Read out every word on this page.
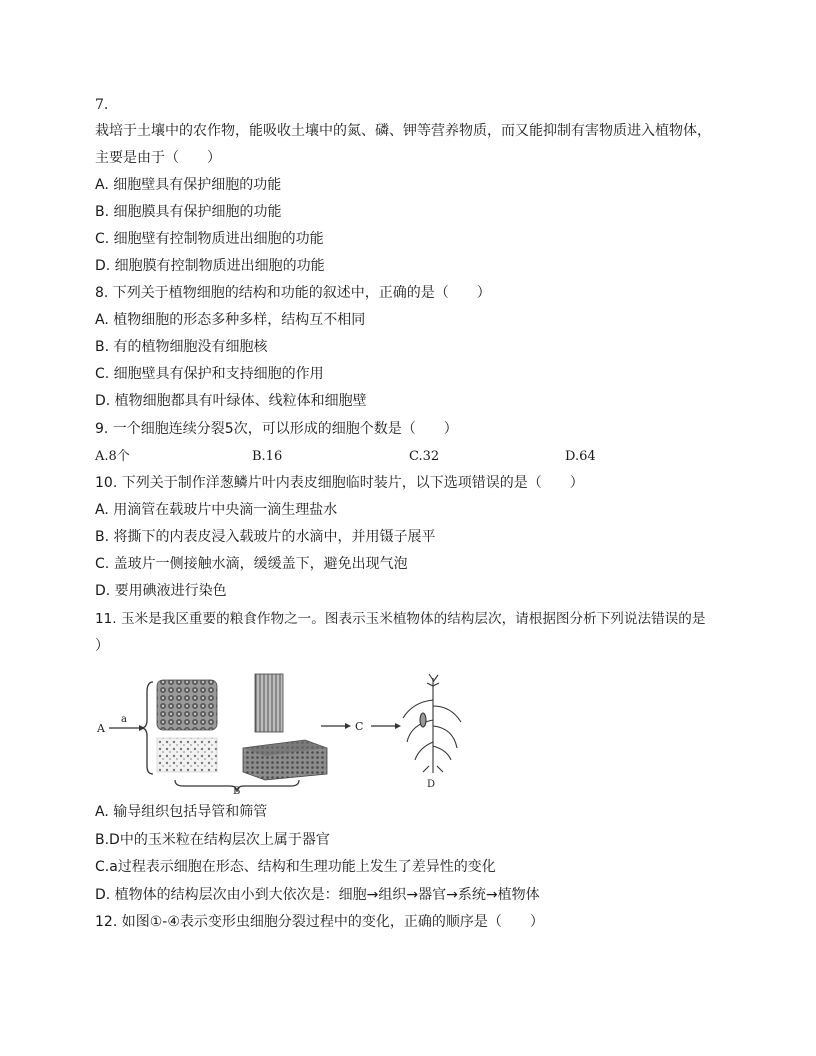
7.
栽培于土壤中的农作物，能吸收土壤中的氮、磷、钾等营养物质，而又能抑制有害物质进入植物体，
主要是由于（　　）
A. 细胞壁具有保护细胞的功能
B. 细胞膜具有保护细胞的功能
C. 细胞壁有控制物质进出细胞的功能
D. 细胞膜有控制物质进出细胞的功能
8. 下列关于植物细胞的结构和功能的叙述中，正确的是（　　）
A. 植物细胞的形态多种多样，结构互不相同
B. 有的植物细胞没有细胞核
C. 细胞壁具有保护和支持细胞的作用
D. 植物细胞都具有叶绿体、线粒体和细胞壁
9. 一个细胞连续分裂5次，可以形成的细胞个数是（　　）
A.8个	B.16	C.32	D.64
10. 下列关于制作洋葱鳞片叶内表皮细胞临时装片，以下选项错误的是（　　）
A. 用滴管在载玻片中央滴一滴生理盐水
B. 将撕下的内表皮浸入载玻片的水滴中，并用镊子展平
C. 盖玻片一侧接触水滴，缓缓盖下，避免出现气泡
D. 要用碘液进行染色
11. 玉米是我区重要的粮食作物之一。图表示玉米植物体的结构层次，请根据图分析下列说法错误的是
）
A
a
B
C
D
A. 输导组织包括导管和筛管
B.D中的玉米粒在结构层次上属于器官
C.a过程表示细胞在形态、结构和生理功能上发生了差异性的变化
D. 植物体的结构层次由小到大依次是：细胞→组织→器官→系统→植物体
12. 如图①-④表示变形虫细胞分裂过程中的变化，正确的顺序是（　　）
